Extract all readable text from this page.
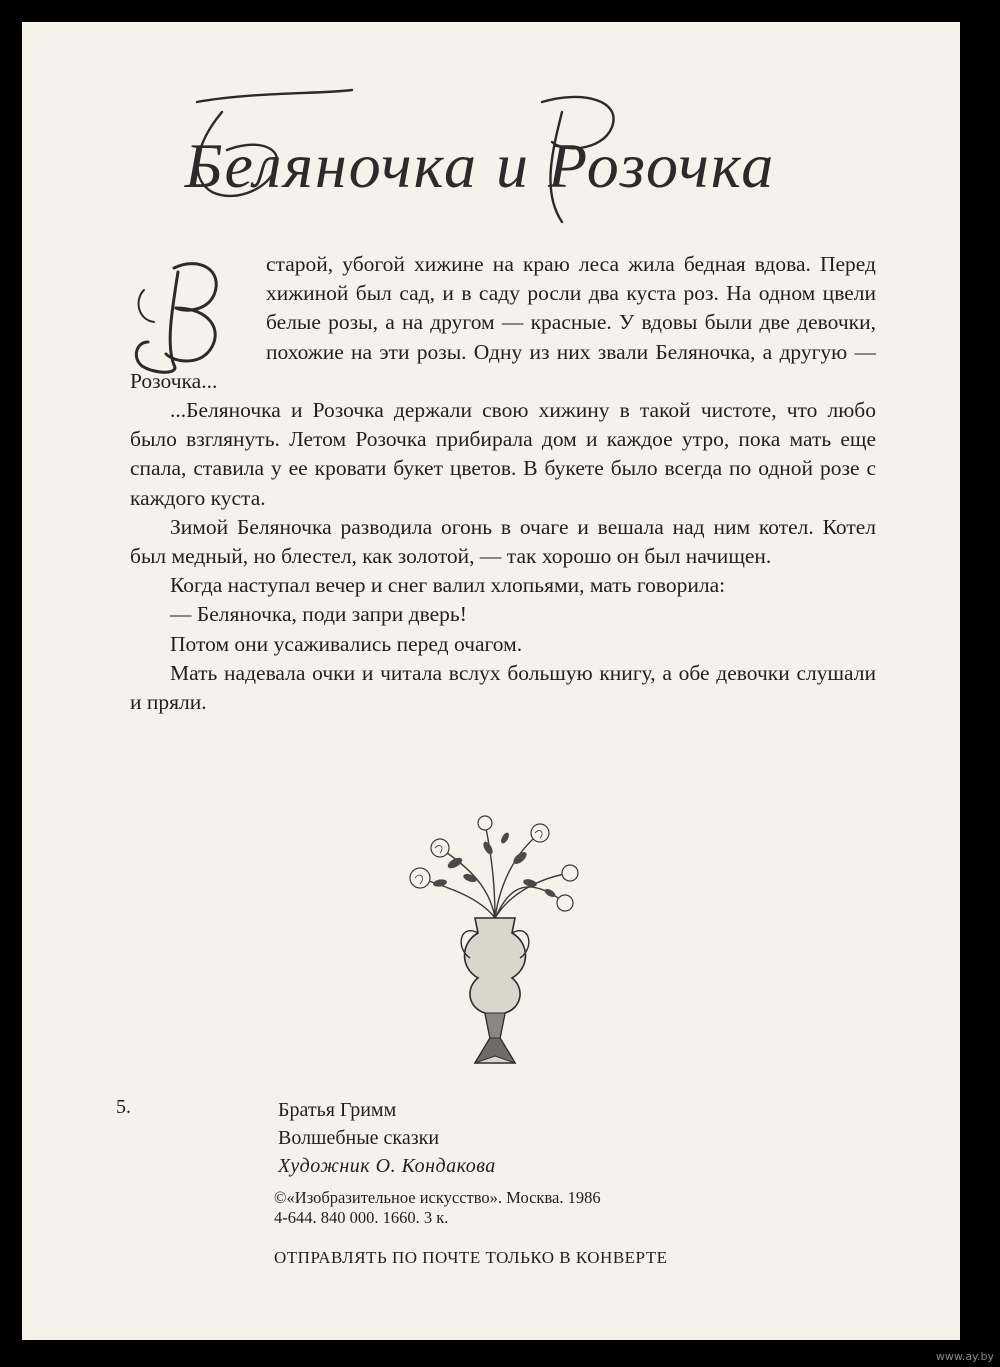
Беляночка и Розочка

старой, убогой хижине на краю леса жила бедная вдова. Перед хижиной был сад, и в саду росли два куста роз. На одном цвели белые розы, а на другом — красные. У вдовы были две девочки, похожие на эти розы. Одну из них звали Беляночка, а другую — Розочка...

...Беляночка и Розочка держали свою хижину в такой чистоте, что любо было взглянуть. Летом Розочка прибирала дом и каждое утро, пока мать еще спала, ставила у ее кровати букет цветов. В букете было всегда по одной розе с каждого куста.

Зимой Беляночка разводила огонь в очаге и вешала над ним котел. Котел был медный, но блестел, как золотой, — так хорошо он был начищен.

Когда наступал вечер и снег валил хлопьями, мать говорила:

— Беляночка, поди запри дверь!

Потом они усаживались перед очагом.

Мать надевала очки и читала вслух большую книгу, а обе девочки слушали и пряли.

5.	Братья Гримм
Волшебные сказки
Художник О. Кондакова
©«Изобразительное искусство». Москва. 1986
4-644. 840 000. 1660. 3 к.
ОТПРАВЛЯТЬ ПО ПОЧТЕ ТОЛЬКО В КОНВЕРТЕ
www.ay.by
